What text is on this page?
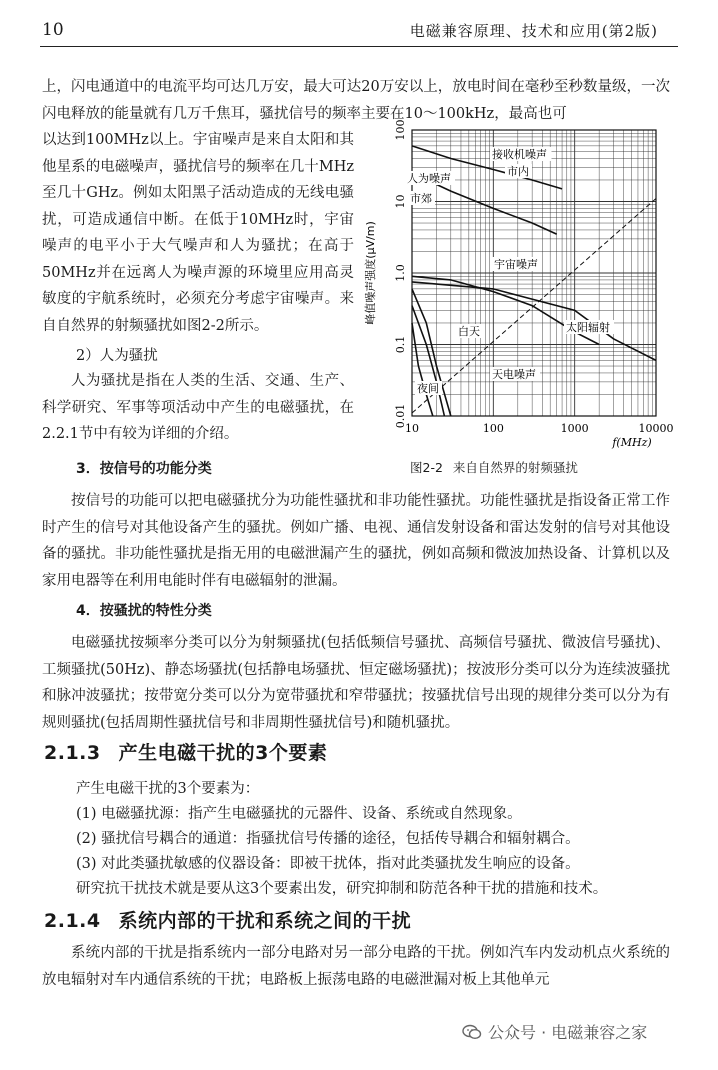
10	电磁兼容原理、技术和应用(第2版)

上，闪电通道中的电流平均可达几万安，最大可达20万安以上，放电时间在毫秒至秒数量级，一次闪电释放的能量就有几万千焦耳，骚扰信号的频率主要在10～100kHz，最高也可

以达到100MHz以上。宇宙噪声是来自太阳和其他星系的电磁噪声，骚扰信号的频率在几十MHz至几十GHz。例如太阳黑子活动造成的无线电骚扰，可造成通信中断。在低于10MHz时，宇宙噪声的电平小于大气噪声和人为骚扰；在高于50MHz并在远离人为噪声源的环境里应用高灵敏度的宇航系统时，必须充分考虑宇宙噪声。来自自然界的射频骚扰如图2-2所示。

2）人为骚扰

人为骚扰是指在人类的生活、交通、生产、科学研究、军事等项活动中产生的电磁骚扰，在2.2.1节中有较为详细的介绍。	10	100	1000	10000
100
10
1.0
0.1
0.01
f(MHz)
峰值噪声强度(μV/m)
接收机噪声
市内
人为噪声
市郊
宇宙噪声
太阳辐射
白天
天电噪声
夜间
图2-2 来自自然界的射频骚扰
3．按信号的功能分类

按信号的功能可以把电磁骚扰分为功能性骚扰和非功能性骚扰。功能性骚扰是指设备正常工作时产生的信号对其他设备产生的骚扰。例如广播、电视、通信发射设备和雷达发射的信号对其他设备的骚扰。非功能性骚扰是指无用的电磁泄漏产生的骚扰，例如高频和微波加热设备、计算机以及家用电器等在利用电能时伴有电磁辐射的泄漏。

4．按骚扰的特性分类

电磁骚扰按频率分类可以分为射频骚扰(包括低频信号骚扰、高频信号骚扰、微波信号骚扰)、工频骚扰(50Hz)、静态场骚扰(包括静电场骚扰、恒定磁场骚扰)；按波形分类可以分为连续波骚扰和脉冲波骚扰；按带宽分类可以分为宽带骚扰和窄带骚扰；按骚扰信号出现的规律分类可以分为有规则骚扰(包括周期性骚扰信号和非周期性骚扰信号)和随机骚扰。

2.1.3 产生电磁干扰的3个要素
产生电磁干扰的3个要素为：
(1) 电磁骚扰源：指产生电磁骚扰的元器件、设备、系统或自然现象。
(2) 骚扰信号耦合的通道：指骚扰信号传播的途径，包括传导耦合和辐射耦合。
(3) 对此类骚扰敏感的仪器设备：即被干扰体，指对此类骚扰发生响应的设备。
研究抗干扰技术就是要从这3个要素出发，研究抑制和防范各种干扰的措施和技术。
2.1.4 系统内部的干扰和系统之间的干扰

系统内部的干扰是指系统内一部分电路对另一部分电路的干扰。例如汽车内发动机点火系统的放电辐射对车内通信系统的干扰；电路板上振荡电路的电磁泄漏对板上其他单元

公众号 · 电磁兼容之家
